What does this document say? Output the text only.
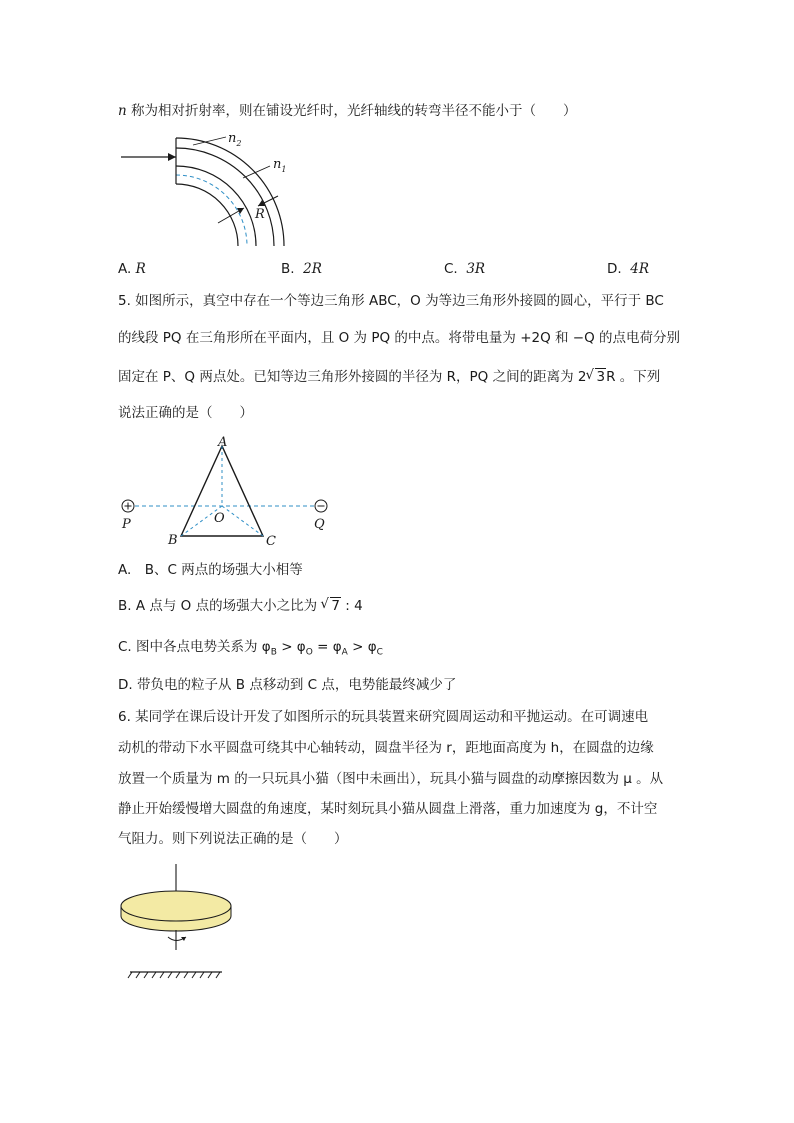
n 称为相对折射率，则在铺设光纤时，光纤轴线的转弯半径不能小于（　　）
$n_2$
$n_1$
R
A. R	B. 2R	C. 3R	D. 4R
5. 如图所示，真空中存在一个等边三角形 ABC，O 为等边三角形外接圆的圆心，平行于 BC
的线段 PQ 在三角形所在平面内，且 O 为 PQ 的中点。将带电量为 +2Q 和 −Q 的点电荷分别
固定在 P、Q 两点处。已知等边三角形外接圆的半径为 R，PQ 之间的距离为 2√ 3R 。下列
说法正确的是（　　）
A
B	C
O
P	Q
A.　B、C 两点的场强大小相等
B. A 点与 O 点的场强大小之比为 √ 7 : 4
C. 图中各点电势关系为 $\varphi_B > \varphi_O = \varphi_A > \varphi_C$
D. 带负电的粒子从 B 点移动到 C 点，电势能最终减少了
6. 某同学在课后设计开发了如图所示的玩具装置来研究圆周运动和平抛运动。在可调速电
动机的带动下水平圆盘可绕其中心轴转动，圆盘半径为 r，距地面高度为 h，在圆盘的边缘
放置一个质量为 m 的一只玩具小猫（图中未画出），玩具小猫与圆盘的动摩擦因数为 μ 。从
静止开始缓慢增大圆盘的角速度，某时刻玩具小猫从圆盘上滑落，重力加速度为 g，不计空
气阻力。则下列说法正确的是（　　）
